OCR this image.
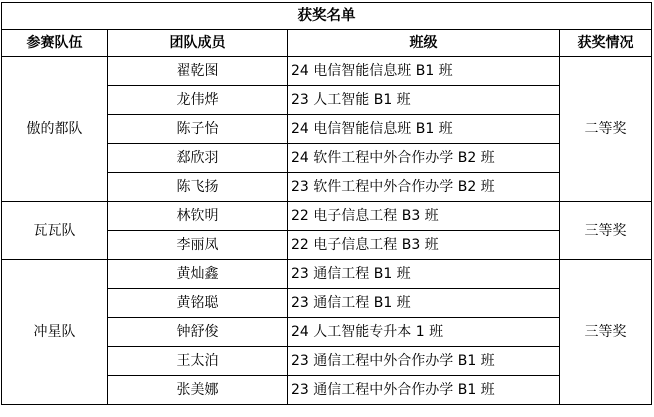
获奖名单			
参赛队伍	团队成员	班级	获奖情况
傲的都队	翟乾图	24 电信智能信息班 B1 班	二等奖
	龙伟烨	23 人工智能 B1 班	
	陈子怡	24 电信智能信息班 B1 班	
	郄欣羽	24 软件工程中外合作办学 B2 班	
	陈飞扬	23 软件工程中外合作办学 B2 班	
瓦瓦队	林钦明	22 电子信息工程 B3 班	三等奖
	李丽凤	22 电子信息工程 B3 班	
冲星队	黄灿鑫	23 通信工程 B1 班	三等奖
	黄铭聪	23 通信工程 B1 班	
	钟舒俊	24 人工智能专升本 1 班	
	王太泊	23 通信工程中外合作办学 B1 班	
	张美娜	23 通信工程中外合作办学 B1 班	
